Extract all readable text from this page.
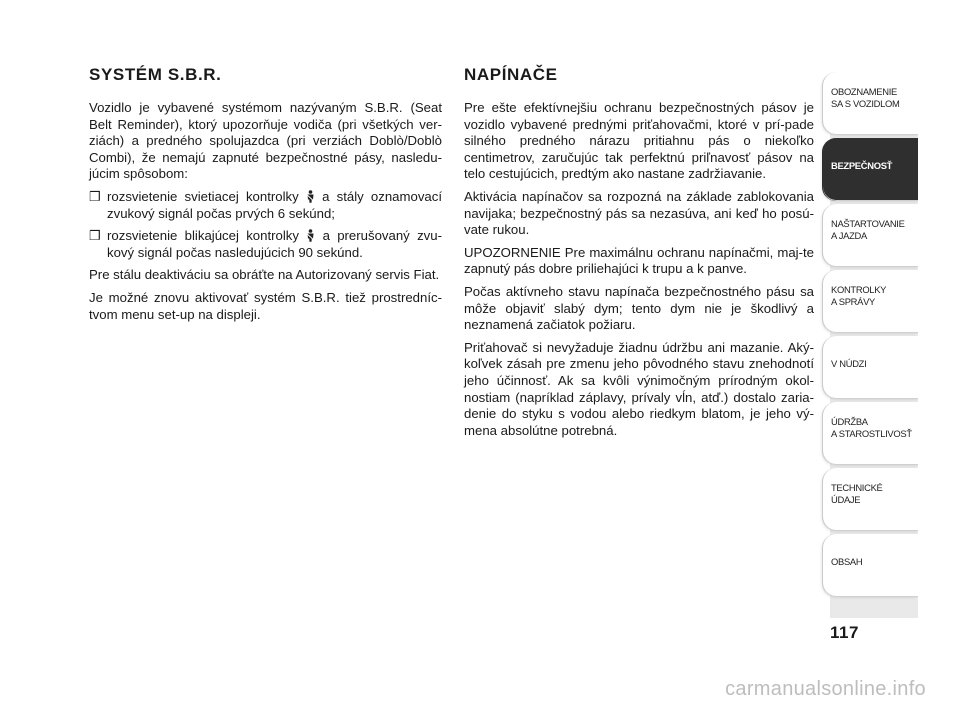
SYSTÉM S.B.R.

Vozidlo je vybavené systémom nazývaným S.B.R. (Seat Belt Reminder), ktorý upozorňuje vodiča (pri všetkých ver-ziách) a predného spolujazdca (pri verziách Doblò/Doblò Combi), že nemajú zapnuté bezpečnostné pásy, nasledu-júcim spôsobom:

❒ rozsvietenie svietiacej kontrolky a stály oznamovací zvukový signál počas prvých 6 sekúnd;
❒ rozsvietenie blikajúcej kontrolky a prerušovaný zvu-kový signál počas nasledujúcich 90 sekúnd.

Pre stálu deaktiváciu sa obráťte na Autorizovaný servis Fiat.

Je možné znovu aktivovať systém S.B.R. tiež prostredníc-tvom menu set-up na displeji.

NAPÍNAČE

Pre ešte efektívnejšiu ochranu bezpečnostných pásov je vozidlo vybavené prednými priťahovačmi, ktoré v prí-pade silného predného nárazu pritiahnu pás o niekoľko centimetrov, zaručujúc tak perfektnú priľnavosť pásov na telo cestujúcich, predtým ako nastane zadržiavanie.

Aktivácia napínačov sa rozpozná na základe zablokovania navijaka; bezpečnostný pás sa nezasúva, ani keď ho posú-vate rukou.

UPOZORNENIE Pre maximálnu ochranu napínačmi, maj-te zapnutý pás dobre priliehajúci k trupu a k panve.

Počas aktívneho stavu napínača bezpečnostného pásu sa môže objaviť slabý dym; tento dym nie je škodlivý a neznamená začiatok požiaru.

Priťahovač si nevyžaduje žiadnu údržbu ani mazanie. Aký-koľvek zásah pre zmenu jeho pôvodného stavu znehodnotí jeho účinnosť. Ak sa kvôli výnimočným prírodným okol-nostiam (napríklad záplavy, prívaly vĺn, atď.) dostalo zaria-denie do styku s vodou alebo riedkym blatom, je jeho vý-mena absolútne potrebná.

OBOZNAMENIE
SA S VOZIDLOM
BEZPEČNOSŤ
NAŠTARTOVANIE
A JAZDA
KONTROLKY
A SPRÁVY
V NÚDZI
ÚDRŽBA
A STAROSTLIVOSŤ
TECHNICKÉ
ÚDAJE
OBSAH
117
carmanualsonline.info
